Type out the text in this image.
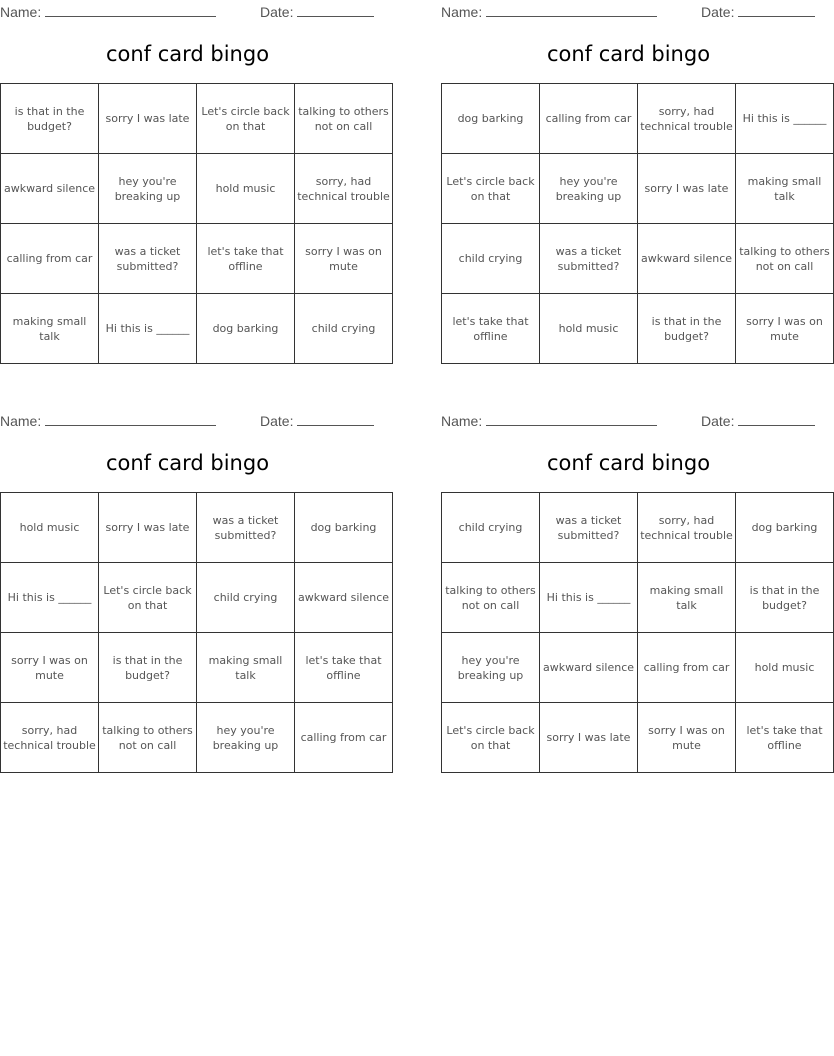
Name:	Date:
conf card bingo
is that in the budget?	sorry I was late	Let's circle back on that	talking to others not on call
awkward silence	hey you're breaking up	hold music	sorry, had technical trouble
calling from car	was a ticket submitted?	let's take that offline	sorry I was on mute
making small talk	Hi this is ______	dog barking	child crying
Name:	Date:
conf card bingo
dog barking	calling from car	sorry, had technical trouble	Hi this is ______
Let's circle back on that	hey you're breaking up	sorry I was late	making small talk
child crying	was a ticket submitted?	awkward silence	talking to others not on call
let's take that offline	hold music	is that in the budget?	sorry I was on mute
Name:	Date:
conf card bingo
hold music	sorry I was late	was a ticket submitted?	dog barking
Hi this is ______	Let's circle back on that	child crying	awkward silence
sorry I was on mute	is that in the budget?	making small talk	let's take that offline
sorry, had technical trouble	talking to others not on call	hey you're breaking up	calling from car
Name:	Date:
conf card bingo
child crying	was a ticket submitted?	sorry, had technical trouble	dog barking
talking to others not on call	Hi this is ______	making small talk	is that in the budget?
hey you're breaking up	awkward silence	calling from car	hold music
Let's circle back on that	sorry I was late	sorry I was on mute	let's take that offline
